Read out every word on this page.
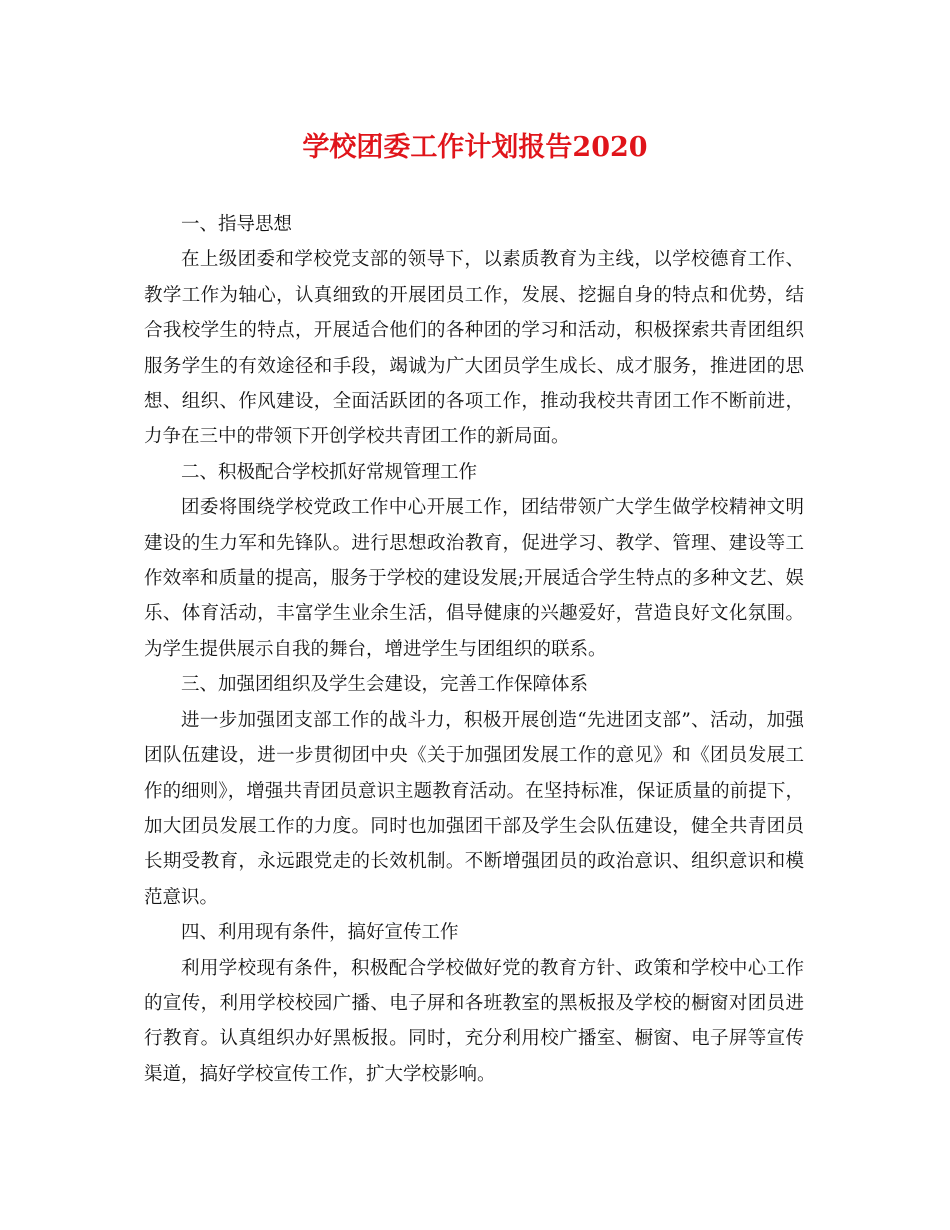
学校团委工作计划报告2020

一、指导思想

在上级团委和学校党支部的领导下，以素质教育为主线，以学校德育工作、教学工作为轴心，认真细致的开展团员工作，发展、挖掘自身的特点和优势，结合我校学生的特点，开展适合他们的各种团的学习和活动，积极探索共青团组织服务学生的有效途径和手段，竭诚为广大团员学生成长、成才服务，推进团的思想、组织、作风建设，全面活跃团的各项工作，推动我校共青团工作不断前进，力争在三中的带领下开创学校共青团工作的新局面。

二、积极配合学校抓好常规管理工作

团委将围绕学校党政工作中心开展工作，团结带领广大学生做学校精神文明建设的生力军和先锋队。进行思想政治教育，促进学习、教学、管理、建设等工作效率和质量的提高，服务于学校的建设发展;开展适合学生特点的多种文艺、娱乐、体育活动，丰富学生业余生活，倡导健康的兴趣爱好，营造良好文化氛围。为学生提供展示自我的舞台，增进学生与团组织的联系。

三、加强团组织及学生会建设，完善工作保障体系

进一步加强团支部工作的战斗力，积极开展创造“先进团支部”、活动，加强团队伍建设，进一步贯彻团中央《关于加强团发展工作的意见》和《团员发展工作的细则》，增强共青团员意识主题教育活动。在坚持标准，保证质量的前提下，加大团员发展工作的力度。同时也加强团干部及学生会队伍建设，健全共青团员长期受教育，永远跟党走的长效机制。不断增强团员的政治意识、组织意识和模范意识。

四、利用现有条件，搞好宣传工作

利用学校现有条件，积极配合学校做好党的教育方针、政策和学校中心工作的宣传，利用学校校园广播、电子屏和各班教室的黑板报及学校的橱窗对团员进行教育。认真组织办好黑板报。同时，充分利用校广播室、橱窗、电子屏等宣传渠道，搞好学校宣传工作，扩大学校影响。
